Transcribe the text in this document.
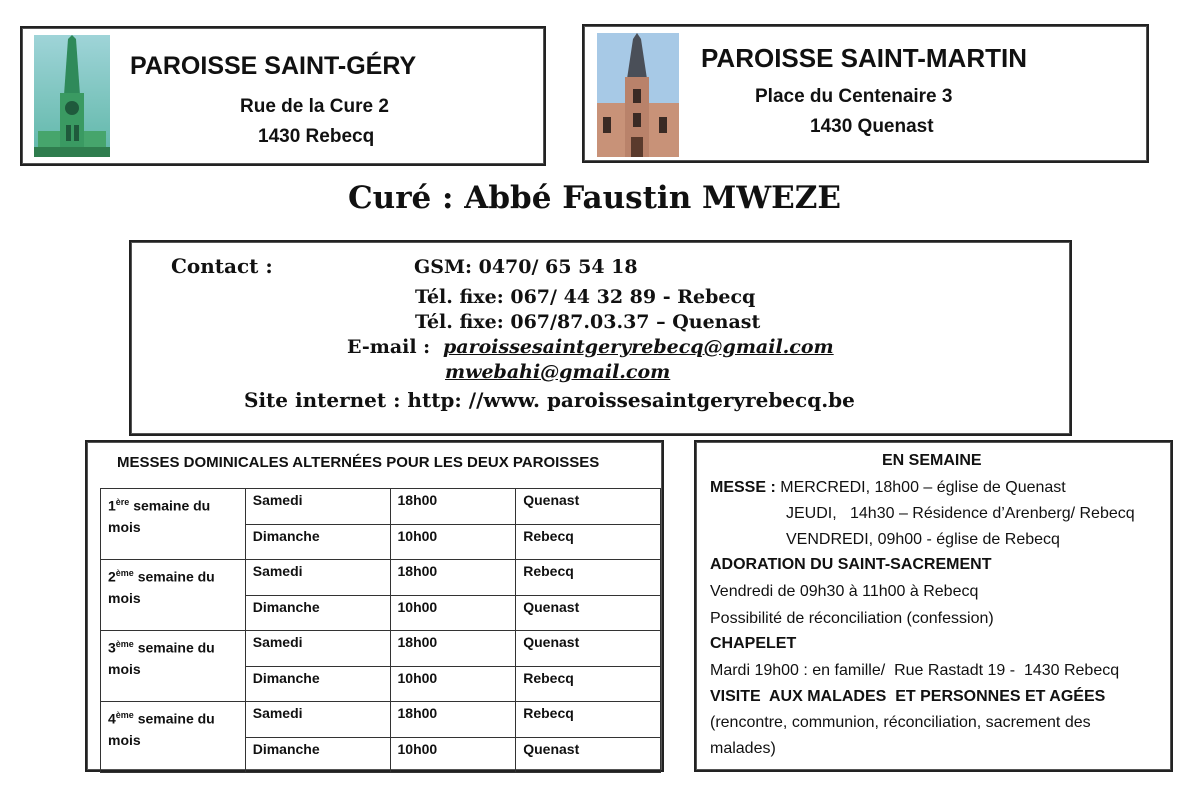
PAROISSE SAINT-GÉRY
Rue de la Cure 2
1430 Rebecq
PAROISSE SAINT-MARTIN
Place du Centenaire 3
1430 Quenast
Curé : Abbé Faustin MWEZE
Contact :	GSM: 0470/ 65 54 18
Tél. fixe: 067/ 44 32 89 - Rebecq
Tél. fixe: 067/87.03.37 – Quenast
E-mail : paroissesaintgeryrebecq@gmail.com
mwebahi@gmail.com
Site internet : http: //www. paroissesaintgeryrebecq.be
MESSES DOMINICALES ALTERNÉES POUR LES DEUX PAROISSES
1ère semaine du mois	Samedi	18h00	Quenast
	Dimanche	10h00	Rebecq
2ème semaine du mois	Samedi	18h00	Rebecq
	Dimanche	10h00	Quenast
3ème semaine du mois	Samedi	18h00	Quenast
	Dimanche	10h00	Rebecq
4ème semaine du mois	Samedi	18h00	Rebecq
	Dimanche	10h00	Quenast
EN SEMAINE
MESSE : MERCREDI, 18h00 – église de Quenast
JEUDI,   14h30 – Résidence d’Arenberg/ Rebecq
VENDREDI, 09h00 - église de Rebecq
ADORATION DU SAINT-SACREMENT
Vendredi de 09h30 à 11h00 à Rebecq
Possibilité de réconciliation (confession)
CHAPELET
Mardi 19h00 : en famille/  Rue Rastadt 19 -  1430 Rebecq
VISITE  AUX MALADES  ET PERSONNES ET AGÉES
(rencontre, communion, réconciliation, sacrement des
malades)
